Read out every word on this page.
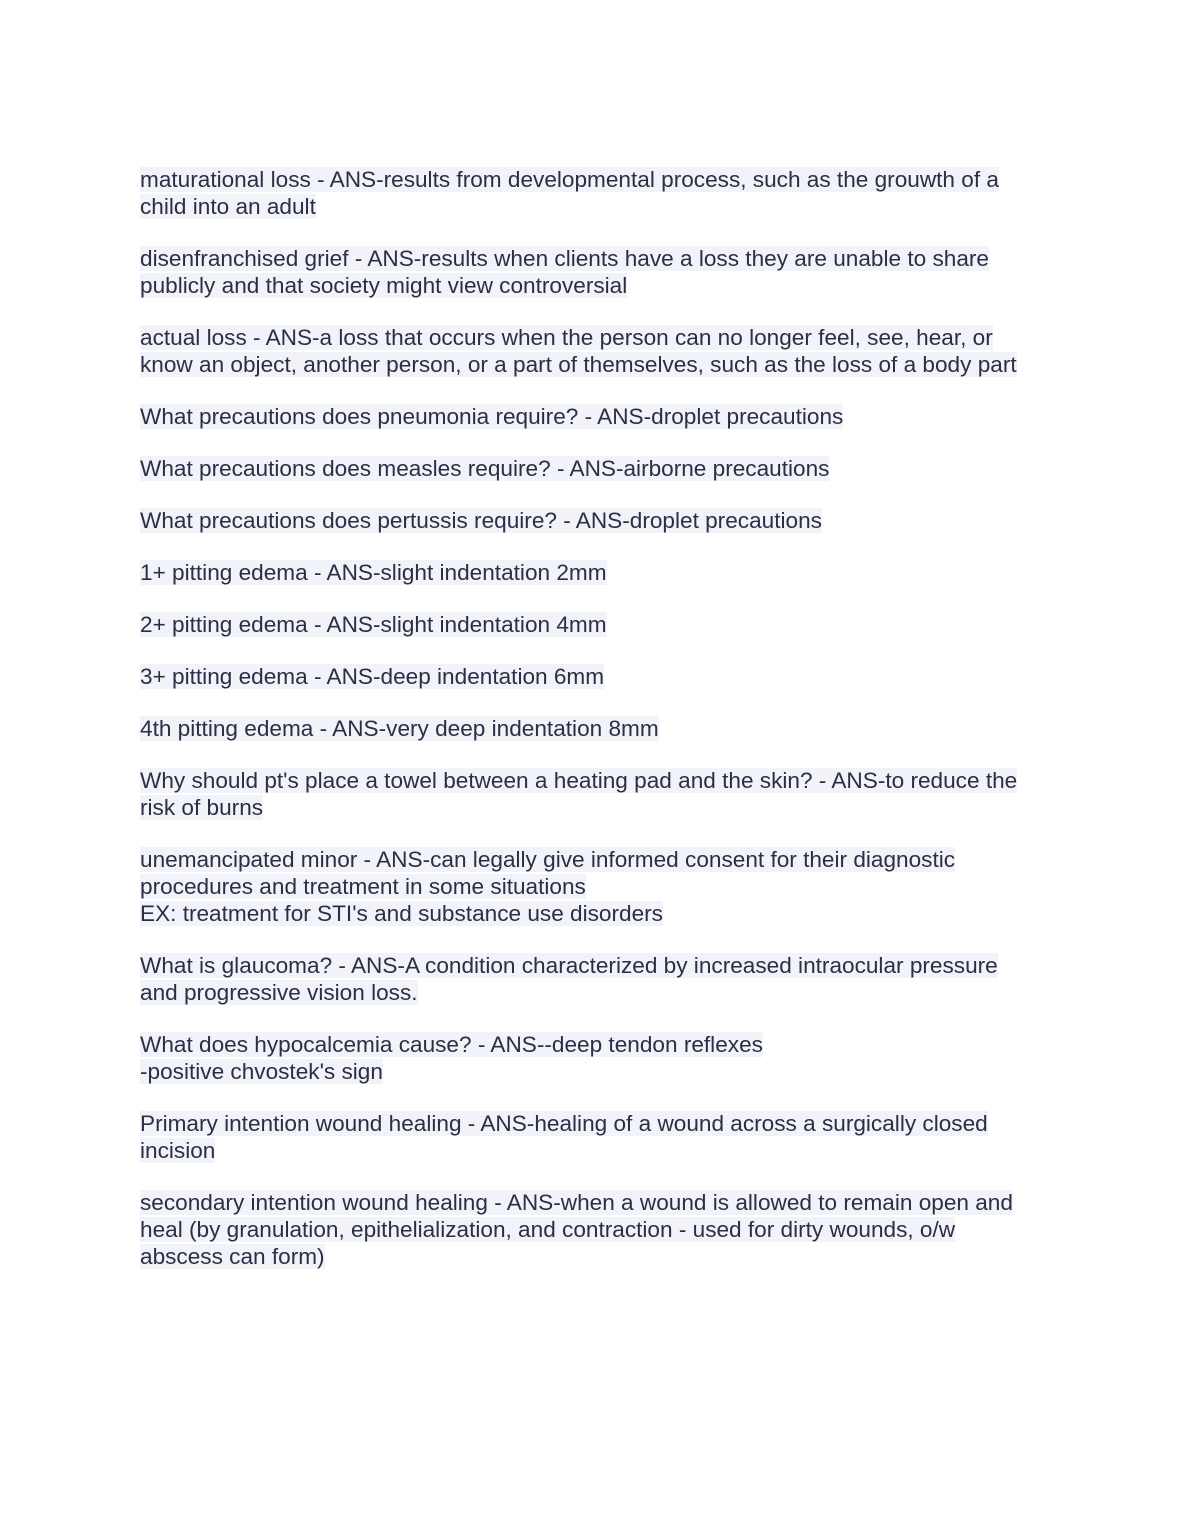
maturational loss - ANS-results from developmental process, such as the grouwth of a
child into an adult
disenfranchised grief - ANS-results when clients have a loss they are unable to share
publicly and that society might view controversial
actual loss - ANS-a loss that occurs when the person can no longer feel, see, hear, or
know an object, another person, or a part of themselves, such as the loss of a body part
What precautions does pneumonia require? - ANS-droplet precautions
What precautions does measles require? - ANS-airborne precautions
What precautions does pertussis require? - ANS-droplet precautions
1+ pitting edema - ANS-slight indentation 2mm
2+ pitting edema - ANS-slight indentation 4mm
3+ pitting edema - ANS-deep indentation 6mm
4th pitting edema - ANS-very deep indentation 8mm
Why should pt's place a towel between a heating pad and the skin? - ANS-to reduce the
risk of burns
unemancipated minor - ANS-can legally give informed consent for their diagnostic
procedures and treatment in some situations
EX: treatment for STI's and substance use disorders
What is glaucoma? - ANS-A condition characterized by increased intraocular pressure
and progressive vision loss.
What does hypocalcemia cause? - ANS--deep tendon reflexes
-positive chvostek's sign
Primary intention wound healing - ANS-healing of a wound across a surgically closed
incision
secondary intention wound healing - ANS-when a wound is allowed to remain open and
heal (by granulation, epithelialization, and contraction - used for dirty wounds, o/w
abscess can form)
